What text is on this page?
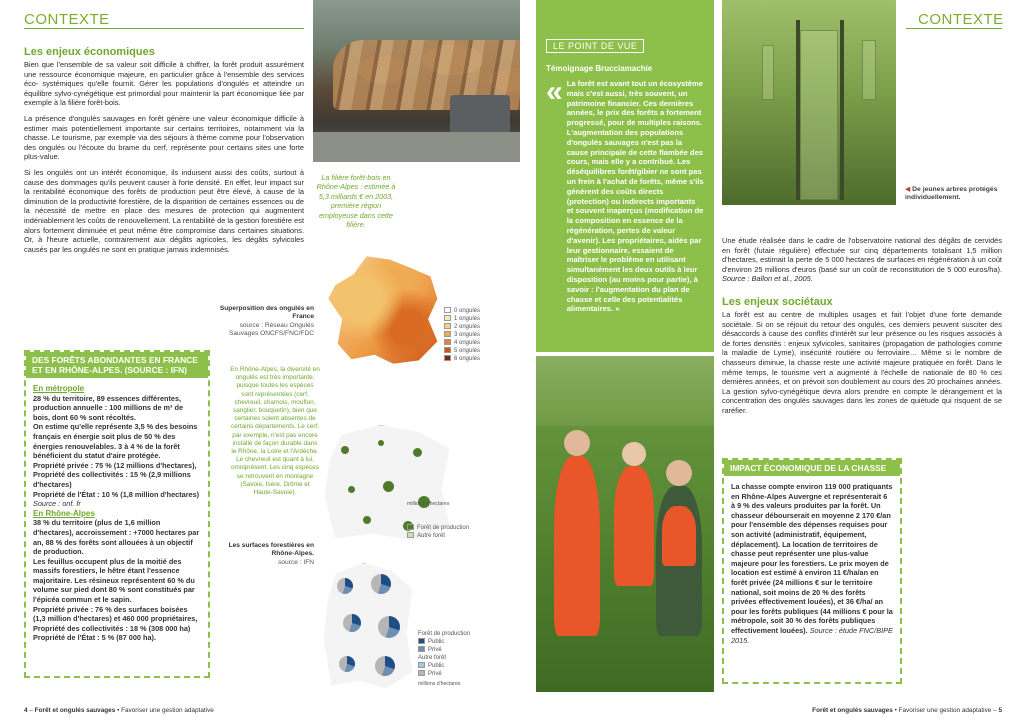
CONTEXTE
Les enjeux économiques

Bien que l'ensemble de sa valeur soit difficile à chiffrer, la forêt produit assurément une ressource économique majeure, en particulier grâce à l'ensemble des services éco- systémiques qu'elle fournit. Gérer les populations d'ongulés et atteindre un équilibre sylvo-cynégétique est primordial pour maintenir la part économique liée par exemple à la filière forêt-bois.

La présence d'ongulés sauvages en forêt génère une valeur économique difficile à estimer mais potentiellement importante sur certains territoires, notamment via la chasse. Le tourisme, par exemple via des séjours à thème comme pour l'observation des ongulés ou l'écoute du brame du cerf, représente pour certains sites une forte plus-value.

Si les ongulés ont un intérêt économique, ils induisent aussi des coûts, surtout à cause des dommages qu'ils peuvent causer à forte densité. En effet, leur impact sur la rentabilité économique des forêts de production peut être élevé, à cause de la diminution de la productivité forestière, de la disparition de certaines essences ou de la nécessité de mettre en place des mesures de protection qui augmentent indéniablement les coûts de renouvellement. La rentabilité de la gestion forestière est alors fortement diminuée et peut même être compromise dans certaines situations. Or, à l'heure actuelle, contrairement aux dégâts agricoles, les dégâts sylvicoles causés par les ongulés ne sont en pratique jamais indemnisés.

La filière forêt-bois en Rhône-Alpes : estimée à 5,3 milliards € en 2003, première région employeuse dans cette filière.
0 ongulés
1 ongulés
2 ongulés
3 ongulés
4 ongulés
5 ongulés
6 ongulés
Superposition des ongulés en France
source : Réseau Ongulés Sauvages ONCFS/FNC/FDC
En Rhône-Alpes, la diversité en ongulés est très importante, puisque toutes les espèces sont représentées (cerf, chevreuil, chamois, mouflon, sanglier, bouquetin), bien que certaines soient absentes de certains départements. Le cerf, par exemple, n'est pas encore installé de façon durable dans le Rhône, la Loire et l'Ardèche. Le chevreuil est quant à lui, omniprésent. Les cinq espèces se retrouvent en montagne (Savoie, Isère, Drôme et Haute-Savoie).
millions d'hectares
Forêt de production
Autre forêt
Les surfaces forestières en Rhône-Alpes.
source : IFN
Forêt de production
Public
Privé
Autre forêt
Public
Privé
millions d'hectares
DES FORÊTS ABONDANTES EN FRANCE ET EN RHÔNE-ALPES. (SOURCE : IFN)
En métropole
28 % du territoire, 89 essences différentes, production annuelle : 100 millions de m³ de bois, dont 60 % sont récoltés.
On estime qu'elle représente 3,5 % des besoins français en énergie soit plus de 50 % des énergies renouvelables. 3 à 4 % de la forêt bénéficient du statut d'aire protégée.
Propriété privée : 75 % (12 millions d'hectares),
Propriété des collectivités : 15 % (2,9 millions d'hectares)
Propriété de l'État : 10 % (1,8 million d'hectares)
Source : onf. fr
En Rhône-Alpes
38 % du territoire (plus de 1,6 million d'hectares), accroissement : +7000 hectares par an, 88 % des forêts sont allouées à un objectif de production.
Les feuillus occupent plus de la moitié des massifs forestiers, le hêtre étant l'essence majoritaire. Les résineux représentent 60 % du volume sur pied dont 80 % sont constitués par l'épicéa commun et le sapin.
Propriété privée : 76 % des surfaces boisées (1,3 million d'hectares) et 460 000 propriétaires,
Propriété des collectivités : 18 % (308 000 ha)
Propriété de l'État : 5 % (87 000 ha).
4 – Forêt et ongulés sauvages • Favoriser une gestion adaptative
LE POINT DE VUE
Témoignage Brucciamachie
« La forêt est avant tout un écosystème mais c'est aussi, très souvent, un patrimoine financier. Ces dernières années, le prix des forêts a fortement progressé, pour de multiples raisons. L'augmentation des populations d'ongulés sauvages n'est pas la cause principale de cette flambée des cours, mais elle y a contribué. Les déséquilibres forêt/gibier ne sont pas un frein à l'achat de forêts, même s'ils génèrent des coûts directs (protection) ou indirects importants et souvent inaperçus (modification de la composition en essence de la régénération, pertes de valeur d'avenir). Les propriétaires, aidés par leur gestionnaire, essaient de maîtriser le problème en utilisant simultanément les deux outils à leur disposition (au moins pour partie), à savoir : l'augmentation du plan de chasse et celle des potentialités alimentaires. »
◀ De jeunes arbres protégés individuellement.
CONTEXTE
Une étude réalisée dans le cadre de l'observatoire national des dégâts de cervidés en forêt (futaie régulière) effectuée sur cinq départements totalisant 1,5 million d'hectares, estimait la perte de 5 000 hectares de surfaces en régénération à un coût d'environ 25 millions d'euros (basé sur un coût de reconstitution de 5 000 euros/ha). Source : Ballon et al., 2005.
Les enjeux sociétaux
La forêt est au centre de multiples usages et fait l'objet d'une forte demande sociétale. Si on se réjouit du retour des ongulés, ces derniers peuvent susciter des désaccords à cause des conflits d'intérêt sur leur présence ou les risques associés à de fortes densités : enjeux sylvicoles, sanitaires (propagation de pathologies comme la maladie de Lyme), insécurité routière ou ferroviaire… Même si le nombre de chasseurs diminue, la chasse reste une activité majeure pratiquée en forêt. Dans le même temps, le tourisme vert a augmenté à l'échelle de nationale de 80 % ces dernières années, et on prévoit son doublement au cours des 20 prochaines années. La gestion sylvo-cynégétique devra alors prendre en compte le dérangement et la concentration des ongulés sauvages dans les zones de quiétude qui risquent de se raréfier.
IMPACT ÉCONOMIQUE DE LA CHASSE
La chasse compte environ 119 000 pratiquants en Rhône-Alpes Auvergne et représenterait 6 à 9 % des valeurs produites par la forêt. Un chasseur débourserait en moyenne 2 170 €/an pour l'ensemble des dépenses requises pour son activité (administratif, équipement, déplacement). La location de territoires de chasse peut représenter une plus-value majeure pour les forestiers. Le prix moyen de location est estimé à environ 11 €/ha/an en forêt privée (24 millions € sur le territoire national, soit moins de 20 % des forêts privées effectivement louées), et 36 €/ha/ an pour les forêts publiques (44 millions € pour la métropole, soit 30 % des forêts publiques effectivement louées). Source : étude FNC/BIPE 2015.
Forêt et ongulés sauvages • Favoriser une gestion adaptative – 5
